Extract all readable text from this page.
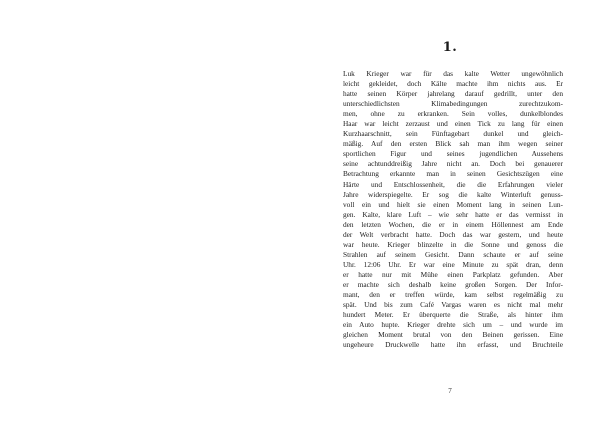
1.
Luk Krieger war für das kalte Wetter ungewöhnlich
leicht gekleidet, doch Kälte machte ihm nichts aus. Er
hatte seinen Körper jahrelang darauf gedrillt, unter den
unterschiedlichsten Klimabedingungen zurechtzukom-
men, ohne zu erkranken. Sein volles, dunkelblondes
Haar war leicht zerzaust und einen Tick zu lang für einen
Kurzhaarschnitt, sein Fünftagebart dunkel und gleich-
mäßig. Auf den ersten Blick sah man ihm wegen seiner
sportlichen Figur und seines jugendlichen Aussehens
seine achtunddreißig Jahre nicht an. Doch bei genauerer
Betrachtung erkannte man in seinen Gesichtszügen eine
Härte und Entschlossenheit, die die Erfahrungen vieler
Jahre widerspiegelte. Er sog die kalte Winterluft genuss-
voll ein und hielt sie einen Moment lang in seinen Lun-
gen. Kalte, klare Luft – wie sehr hatte er das vermisst in
den letzten Wochen, die er in einem Höllennest am Ende
der Welt verbracht hatte. Doch das war gestern, und heute
war heute. Krieger blinzelte in die Sonne und genoss die
Strahlen auf seinem Gesicht. Dann schaute er auf seine
Uhr. 12:06 Uhr. Er war eine Minute zu spät dran, denn
er hatte nur mit Mühe einen Parkplatz gefunden. Aber
er machte sich deshalb keine großen Sorgen. Der Infor-
mant, den er treffen würde, kam selbst regelmäßig zu
spät. Und bis zum Café Vargas waren es nicht mal mehr
hundert Meter. Er überquerte die Straße, als hinter ihm
ein Auto hupte. Krieger drehte sich um – und wurde im
gleichen Moment brutal von den Beinen gerissen. Eine
ungeheure Druckwelle hatte ihn erfasst, und Bruchteile
7
